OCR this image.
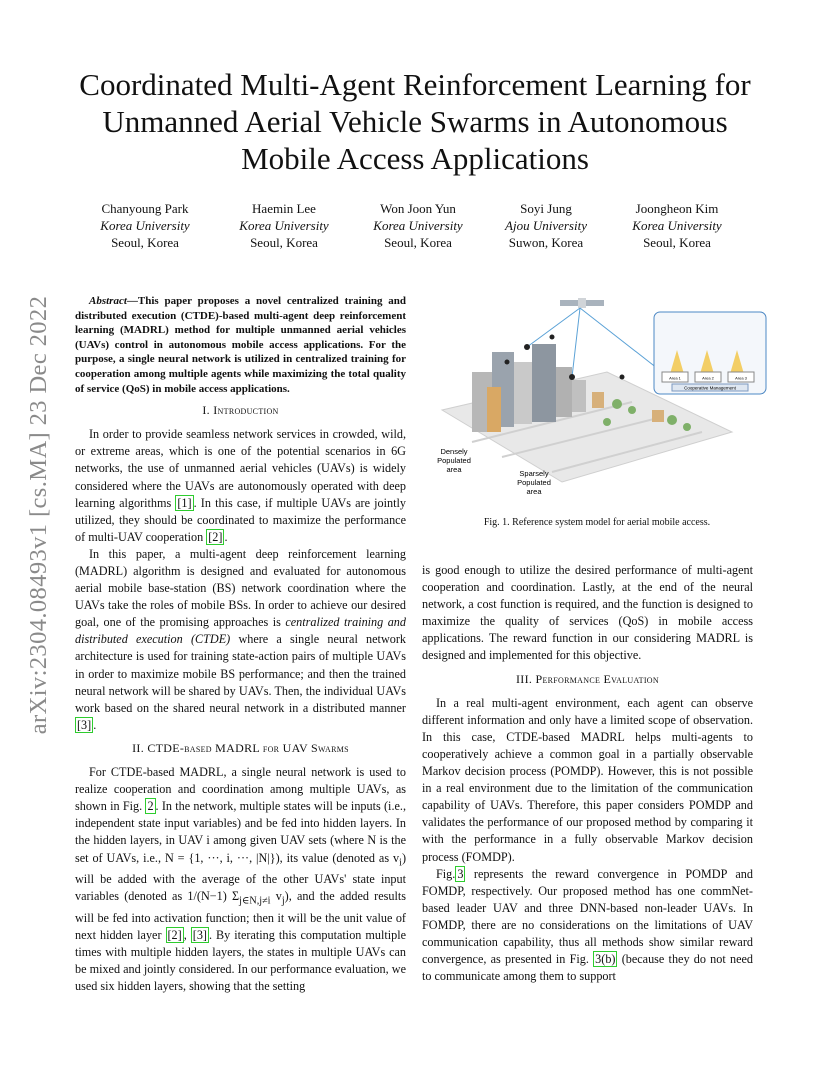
arXiv:2304.08493v1 [cs.MA] 23 Dec 2022
Coordinated Multi-Agent Reinforcement Learning for Unmanned Aerial Vehicle Swarms in Autonomous Mobile Access Applications
Chanyoung Park
Korea University
Seoul, Korea
Haemin Lee
Korea University
Seoul, Korea
Won Joon Yun
Korea University
Seoul, Korea
Soyi Jung
Ajou University
Suwon, Korea
Joongheon Kim
Korea University
Seoul, Korea

Abstract—This paper proposes a novel centralized training and distributed execution (CTDE)-based multi-agent deep reinforcement learning (MADRL) method for multiple unmanned aerial vehicles (UAVs) control in autonomous mobile access applications. For the purpose, a single neural network is utilized in centralized training for cooperation among multiple agents while maximizing the total quality of service (QoS) in mobile access applications.

I. Introduction

In order to provide seamless network services in crowded, wild, or extreme areas, which is one of the potential scenarios in 6G networks, the use of unmanned aerial vehicles (UAVs) is widely considered where the UAVs are autonomously operated with deep learning algorithms [1] . In this case, if multiple UAVs are jointly utilized, they should be coordinated to maximize the performance of multi-UAV cooperation [2] .

In this paper, a multi-agent deep reinforcement learning (MADRL) algorithm is designed and evaluated for autonomous aerial mobile base-station (BS) network coordination where the UAVs take the roles of mobile BSs. In order to achieve our desired goal, one of the promising approaches is centralized training and distributed execution (CTDE) where a single neural network architecture is used for training state-action pairs of multiple UAVs in order to maximize mobile BS performance; and then the trained neural network will be shared by UAVs. Then, the individual UAVs work based on the shared neural network in a distributed manner [3] .

II. CTDE-based MADRL for UAV Swarms

For CTDE-based MADRL, a single neural network is used to realize cooperation and coordination among multiple UAVs, as shown in Fig. 2 . In the network, multiple states will be inputs (i.e., independent state input variables) and be fed into hidden layers. In the hidden layers, in UAV i among given UAV sets (where N is the set of UAVs, i.e., N = {1, ···, i, ···, |N|}), its value (denoted as $v_i$) will be added with the average of the other UAVs' state input variables (denoted as 1/(N−1) $\Sigma_{j\in N,j\ne i}$ $v_j$), and the added results will be fed into activation function; then it will be the unit value of next hidden layer [2] , [3] . By iterating this computation multiple times with multiple hidden layers, the states in multiple UAVs can be mixed and jointly considered. In our performance evaluation, we used six hidden layers, showing that the setting

Area 1	Area 2	Area 3
Cooperative Management
Densely Populated area	Sparsely Populated area
Fig. 1. Reference system model for aerial mobile access.

is good enough to utilize the desired performance of multi-agent cooperation and coordination. Lastly, at the end of the neural network, a cost function is required, and the function is designed to maximize the quality of services (QoS) in mobile access applications. The reward function in our considering MADRL is designed and implemented for this objective.

III. Performance Evaluation

In a real multi-agent environment, each agent can observe different information and only have a limited scope of observation. In this case, CTDE-based MADRL helps multi-agents to cooperatively achieve a common goal in a partially observable Markov decision process (POMDP). However, this is not possible in a real environment due to the limitation of the communication capability of UAVs. Therefore, this paper considers POMDP and validates the performance of our proposed method by comparing it with the performance in a fully observable Markov decision process (FOMDP).

Fig. 3 represents the reward convergence in POMDP and FOMDP, respectively. Our proposed method has one commNet-based leader UAV and three DNN-based non-leader UAVs. In FOMDP, there are no considerations on the limitations of UAV communication capability, thus all methods show similar reward convergence, as presented in Fig. 3(b) (because they do not need to communicate among them to support
